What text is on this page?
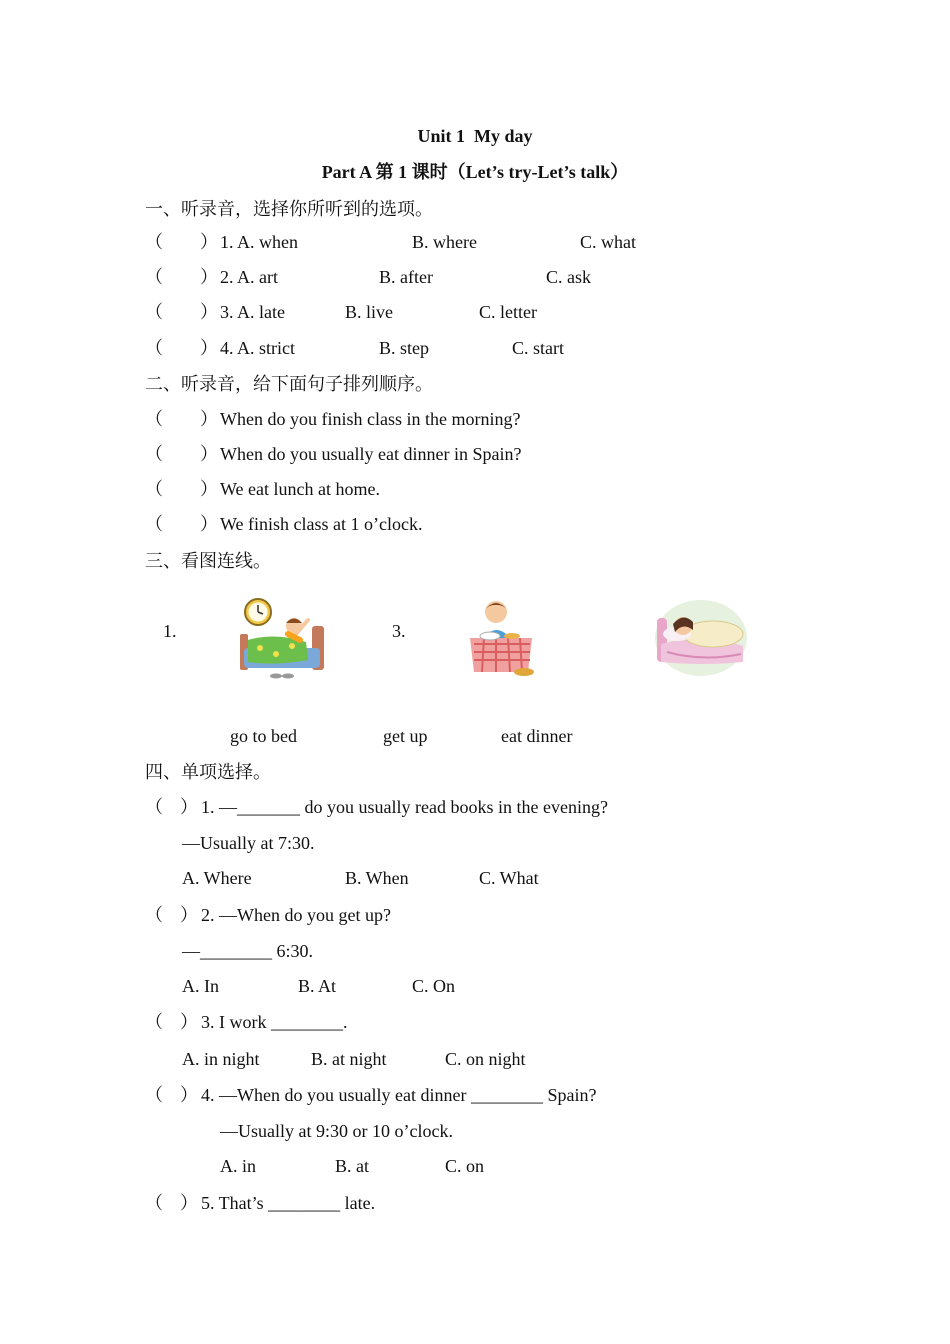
Unit 1  My day
Part A 第 1 课时（Let’s try-Let’s talk）
一、听录音，选择你所听到的选项。
（ ） 1. A. when	B. where	C. what
（ ） 2. A. art	B. after	C. ask
（ ） 3. A. late	B. live	C. letter
（ ） 4. A. strict	B. step	C. start
二、听录音，给下面句子排列顺序。
（ ） When do you finish class in the morning?
（ ） When do you usually eat dinner in Spain?
（ ） We eat lunch at home.
（ ） We finish class at 1 o’clock.
三、看图连线。
1.	3.
go to bed	get up	eat dinner
四、单项选择。
（ ） 1. —_______ do you usually read books in the evening?
—Usually at 7:30.
A. Where	B. When	C. What
（ ） 2. —When do you get up?
—________ 6:30.
A. In	B. At	C. On
（ ） 3. I work ________.
A. in night	B. at night	C. on night
（ ） 4. —When do you usually eat dinner ________ Spain?
—Usually at 9:30 or 10 o’clock.
A. in	B. at	C. on
（ ） 5. That’s ________ late.
